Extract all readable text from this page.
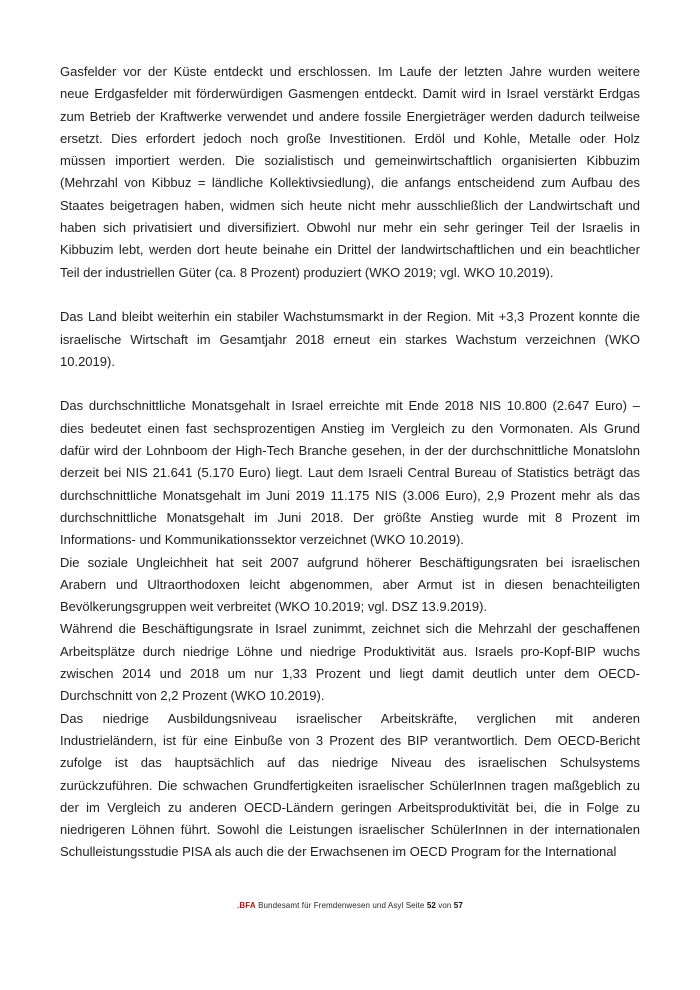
Gasfelder vor der Küste entdeckt und erschlossen. Im Laufe der letzten Jahre wurden weitere
neue Erdgasfelder mit förderwürdigen Gasmengen entdeckt. Damit wird in Israel verstärkt Erdgas
zum Betrieb der Kraftwerke verwendet und andere fossile Energieträger werden dadurch teilweise
ersetzt. Dies erfordert jedoch noch große Investitionen. Erdöl und Kohle, Metalle oder Holz
müssen importiert werden. Die sozialistisch und gemeinwirtschaftlich organisierten Kibbuzim
(Mehrzahl von Kibbuz = ländliche Kollektivsiedlung), die anfangs entscheidend zum Aufbau des
Staates beigetragen haben, widmen sich heute nicht mehr ausschließlich der Landwirtschaft und
haben sich privatisiert und diversifiziert. Obwohl nur mehr ein sehr geringer Teil der Israelis in
Kibbuzim lebt, werden dort heute beinahe ein Drittel der landwirtschaftlichen und ein beachtlicher
Teil der industriellen Güter (ca. 8 Prozent) produziert (WKO 2019; vgl. WKO 10.2019).
Das Land bleibt weiterhin ein stabiler Wachstumsmarkt in der Region. Mit +3,3 Prozent konnte die
israelische Wirtschaft im Gesamtjahr 2018 erneut ein starkes Wachstum verzeichnen (WKO
10.2019).
Das durchschnittliche Monatsgehalt in Israel erreichte mit Ende 2018 NIS 10.800 (2.647 Euro) –
dies bedeutet einen fast sechsprozentigen Anstieg im Vergleich zu den Vormonaten. Als Grund
dafür wird der Lohnboom der High-Tech Branche gesehen, in der der durchschnittliche Monatslohn
derzeit bei NIS 21.641 (5.170 Euro) liegt. Laut dem Israeli Central Bureau of Statistics beträgt das
durchschnittliche Monatsgehalt im Juni 2019 11.175 NIS (3.006 Euro), 2,9 Prozent mehr als das
durchschnittliche Monatsgehalt im Juni 2018. Der größte Anstieg wurde mit 8 Prozent im
Informations- und Kommunikationssektor verzeichnet (WKO 10.2019).
Die soziale Ungleichheit hat seit 2007 aufgrund höherer Beschäftigungsraten bei israelischen
Arabern und Ultraorthodoxen leicht abgenommen, aber Armut ist in diesen benachteiligten
Bevölkerungsgruppen weit verbreitet (WKO 10.2019; vgl. DSZ 13.9.2019).
Während die Beschäftigungsrate in Israel zunimmt, zeichnet sich die Mehrzahl der geschaffenen
Arbeitsplätze durch niedrige Löhne und niedrige Produktivität aus. Israels pro-Kopf-BIP wuchs
zwischen 2014 und 2018 um nur 1,33 Prozent und liegt damit deutlich unter dem OECD-
Durchschnitt von 2,2 Prozent (WKO 10.2019).
Das niedrige Ausbildungsniveau israelischer Arbeitskräfte, verglichen mit anderen
Industrieländern, ist für eine Einbuße von 3 Prozent des BIP verantwortlich. Dem OECD-Bericht
zufolge ist das hauptsächlich auf das niedrige Niveau des israelischen Schulsystems
zurückzuführen. Die schwachen Grundfertigkeiten israelischer SchülerInnen tragen maßgeblich zu
der im Vergleich zu anderen OECD-Ländern geringen Arbeitsproduktivität bei, die in Folge zu
niedrigeren Löhnen führt. Sowohl die Leistungen israelischer SchülerInnen in der internationalen
Schulleistungsstudie PISA als auch die der Erwachsenen im OECD Program for the International
.BFA Bundesamt für Fremdenwesen und Asyl Seite 52 von 57
